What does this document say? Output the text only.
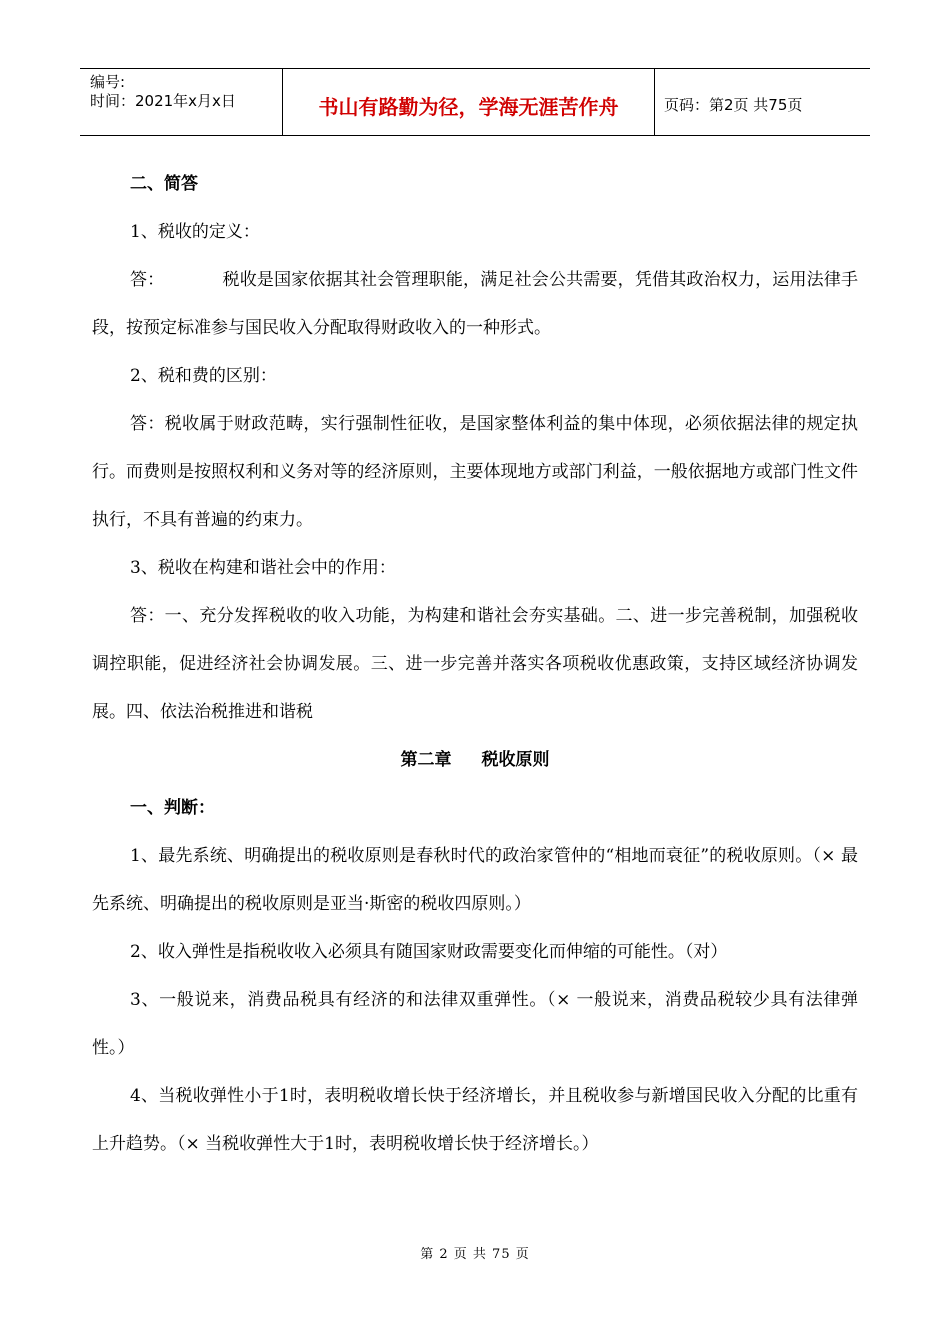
编号:
时间：2021年x月x日	书山有路勤为径，学海无涯苦作舟	页码：第2页 共75页

二、简答

1、税收的定义：

答：	税收是国家依据其社会管理职能，满足社会公共需要，凭借其政治权力，运用法律手段，按预定标准参与国民收入分配取得财政收入的一种形式。

2、税和费的区别：

答：税收属于财政范畴，实行强制性征收，是国家整体利益的集中体现，必须依据法律的规定执行。而费则是按照权利和义务对等的经济原则，主要体现地方或部门利益，一般依据地方或部门性文件执行，不具有普遍的约束力。

3、税收在构建和谐社会中的作用：

答：一、充分发挥税收的收入功能，为构建和谐社会夯实基础。二、进一步完善税制，加强税收调控职能，促进经济社会协调发展。三、进一步完善并落实各项税收优惠政策，支持区域经济协调发展。四、依法治税推进和谐税

第二章 税收原则

一、判断：

1、最先系统、明确提出的税收原则是春秋时代的政治家管仲的“相地而衰征”的税收原则。（× 最先系统、明确提出的税收原则是亚当·斯密的税收四原则。）

2、收入弹性是指税收收入必须具有随国家财政需要变化而伸缩的可能性。（对）

3、一般说来，消费品税具有经济的和法律双重弹性。（× 一般说来，消费品税较少具有法律弹性。）

4、当税收弹性小于1时，表明税收增长快于经济增长，并且税收参与新增国民收入分配的比重有上升趋势。（× 当税收弹性大于1时，表明税收增长快于经济增长。）

第 2 页 共 75 页
